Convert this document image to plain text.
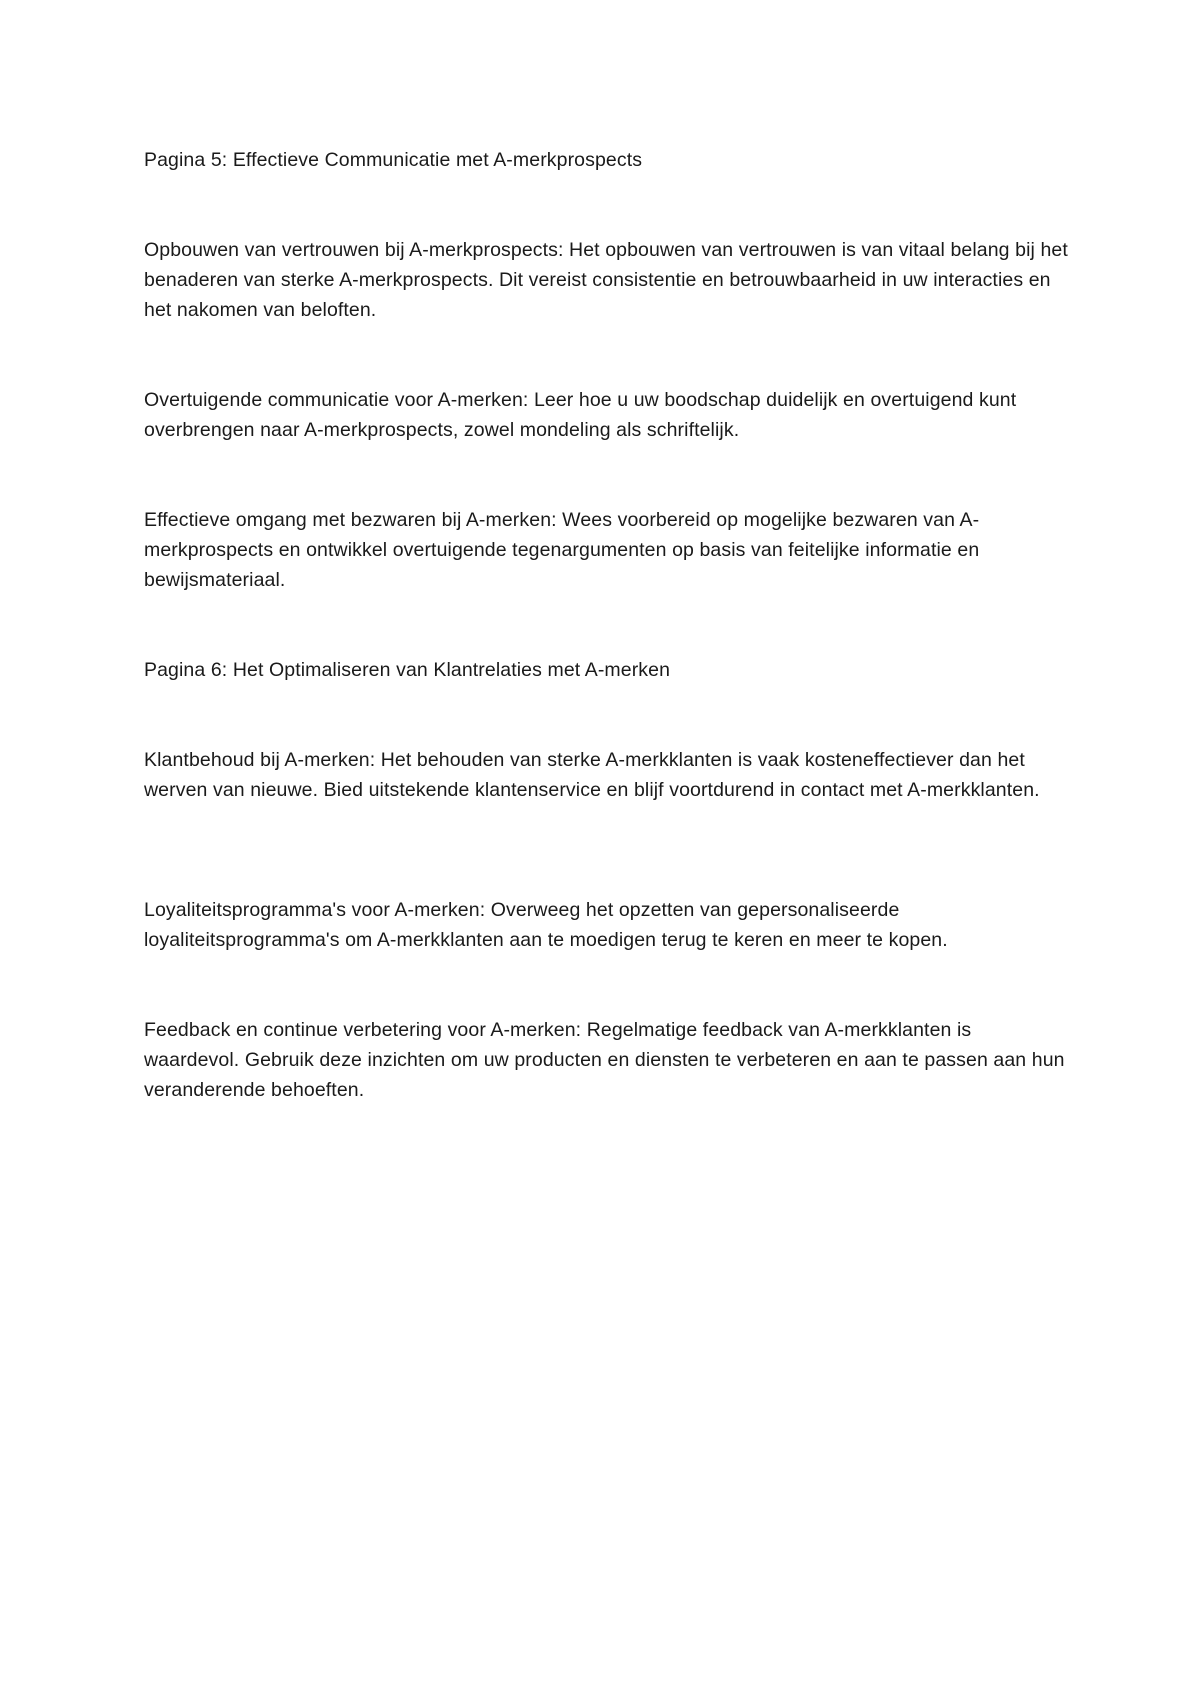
Pagina 5: Effectieve Communicatie met A-merkprospects

Opbouwen van vertrouwen bij A-merkprospects: Het opbouwen van vertrouwen is van vitaal belang bij het benaderen van sterke A-merkprospects. Dit vereist consistentie en betrouwbaarheid in uw interacties en het nakomen van beloften.

Overtuigende communicatie voor A-merken: Leer hoe u uw boodschap duidelijk en overtuigend kunt overbrengen naar A-merkprospects, zowel mondeling als schriftelijk.

Effectieve omgang met bezwaren bij A-merken: Wees voorbereid op mogelijke bezwaren van A-merkprospects en ontwikkel overtuigende tegenargumenten op basis van feitelijke informatie en bewijsmateriaal.

Pagina 6: Het Optimaliseren van Klantrelaties met A-merken

Klantbehoud bij A-merken: Het behouden van sterke A-merkklanten is vaak kosteneffectiever dan het werven van nieuwe. Bied uitstekende klantenservice en blijf voortdurend in contact met A-merkklanten.

Loyaliteitsprogramma's voor A-merken: Overweeg het opzetten van gepersonaliseerde loyaliteitsprogramma's om A-merkklanten aan te moedigen terug te keren en meer te kopen.

Feedback en continue verbetering voor A-merken: Regelmatige feedback van A-merkklanten is waardevol. Gebruik deze inzichten om uw producten en diensten te verbeteren en aan te passen aan hun veranderende behoeften.
